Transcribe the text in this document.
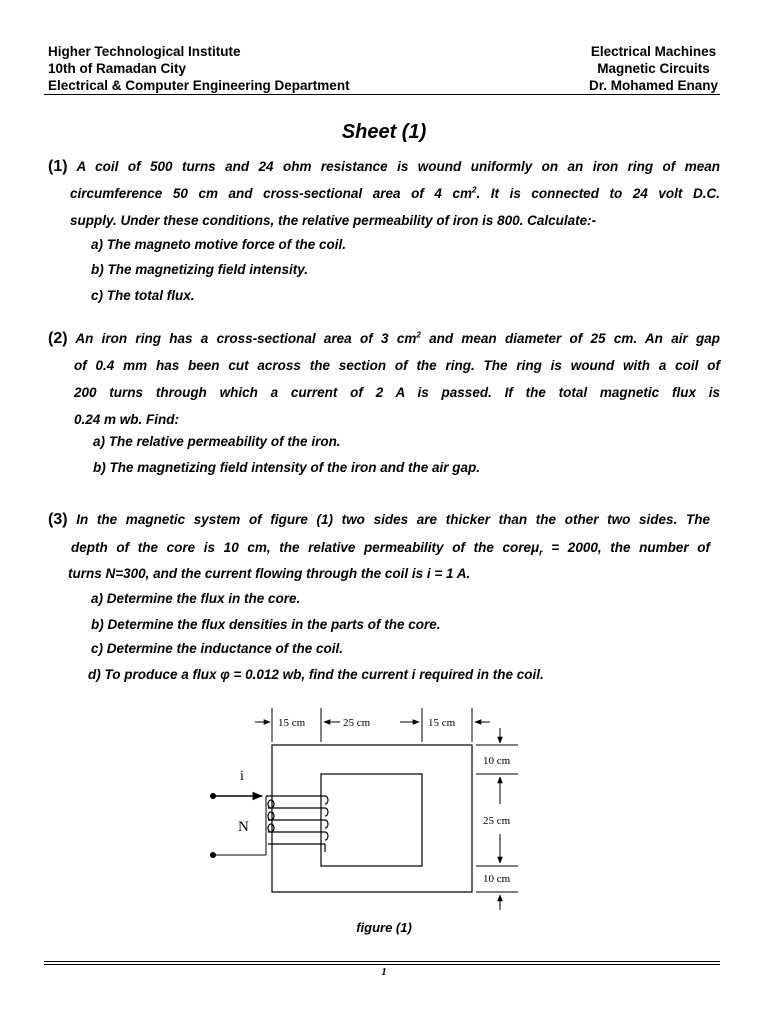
Higher Technological Institute
10th of Ramadan City
Electrical & Computer Engineering Department
Electrical Machines
Magnetic Circuits
Dr. Mohamed Enany
Sheet (1)
(1) A coil of 500 turns and 24 ohm resistance is wound uniformly on an iron ring of mean
circumference 50 cm and cross-sectional area of 4 $cm^2$. It is connected to 24 volt D.C.
supply. Under these conditions, the relative permeability of iron is 800. Calculate:-
a) The magneto motive force of the coil.
b) The magnetizing field intensity.
c) The total flux.
(2) An iron ring has a cross-sectional area of 3 $cm^2$ and mean diameter of 25 cm. An air gap
of 0.4 mm has been cut across the section of the ring. The ring is wound with a coil of
200 turns through which a current of 2 A is passed. If the total magnetic flux is
0.24 m wb. Find:
a) The relative permeability of the iron.
b) The magnetizing field intensity of the iron and the air gap.
(3) In the magnetic system of figure (1) two sides are thicker than the other two sides. The
depth of the core is 10 cm, the relative permeability of the coreμ$_r$ = 2000, the number of
turns N=300, and the current flowing through the coil is i = 1 A.
a) Determine the flux in the core.
b) Determine the flux densities in the parts of the core.
c) Determine the inductance of the coil.
d) To produce a flux φ = 0.012 wb, find the current i required in the coil.
15 cm	25 cm	15 cm
10 cm
25 cm
10 cm
i
N
figure (1)
1
